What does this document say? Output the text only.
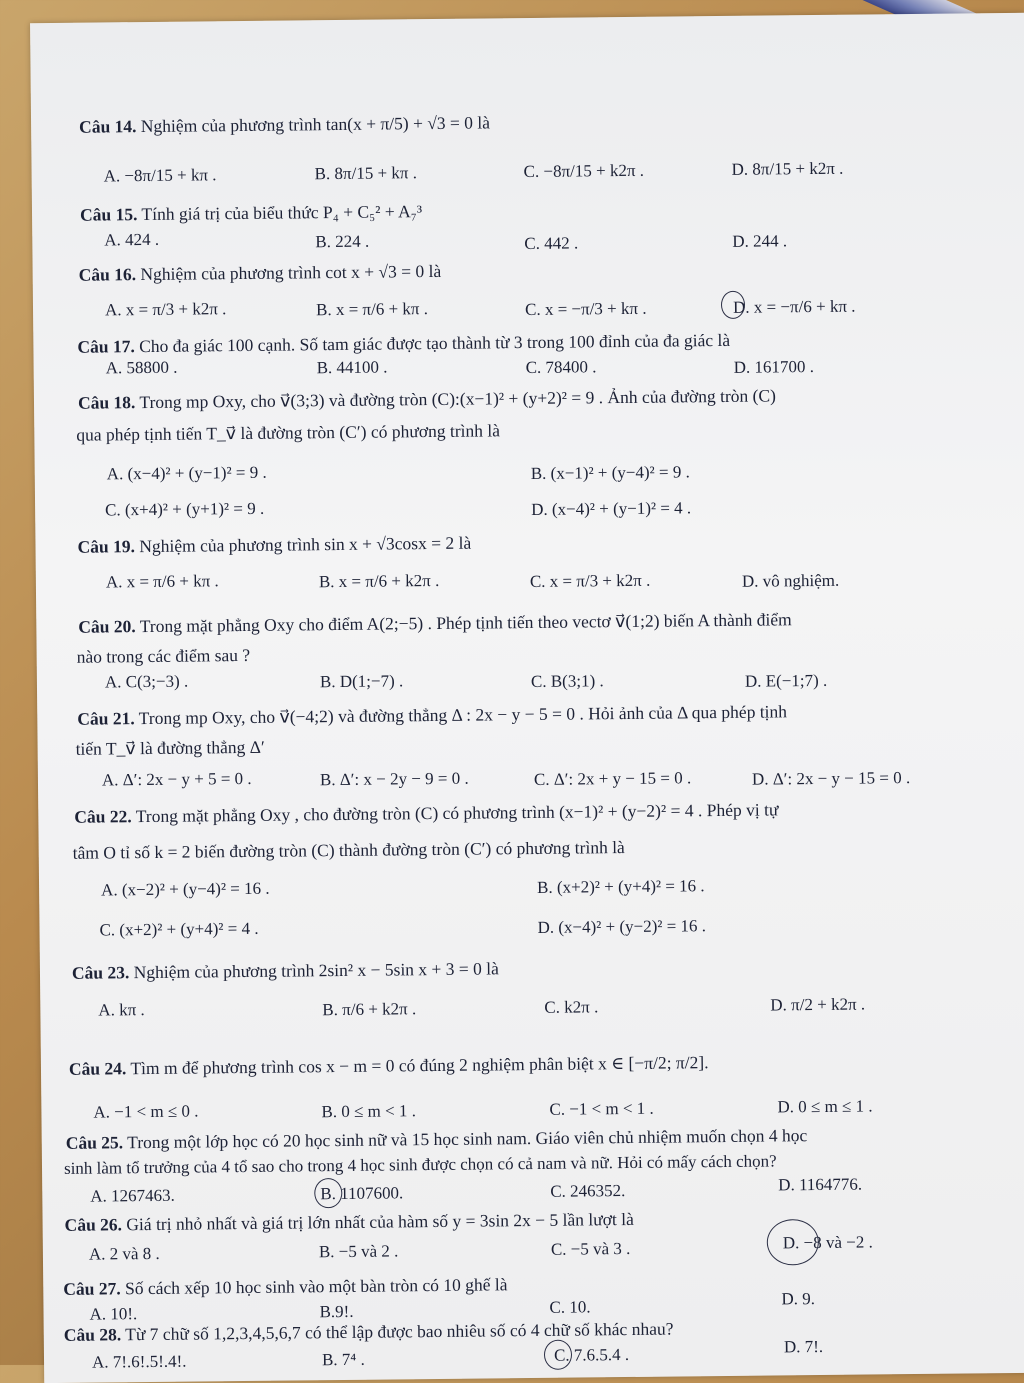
Câu 14. Nghiệm của phương trình tan(x + π/5) + √3 = 0 là
A. −8π/15 + kπ .	B. 8π/15 + kπ .	C. −8π/15 + k2π .	D. 8π/15 + k2π .
Câu 15. Tính giá trị của biểu thức P₄ + C₅² + A₇³
A. 424 .	B. 224 .	C. 442 .	D. 244 .
Câu 16. Nghiệm của phương trình cot x + √3 = 0 là
A. x = π/3 + k2π .	B. x = π/6 + kπ .	C. x = −π/3 + kπ .	D. x = −π/6 + kπ .
Câu 17. Cho đa giác 100 cạnh. Số tam giác được tạo thành từ 3 trong 100 đỉnh của đa giác là
A. 58800 .	B. 44100 .	C. 78400 .	D. 161700 .
Câu 18. Trong mp Oxy, cho v⃗(3;3) và đường tròn (C):(x−1)² + (y+2)² = 9 . Ảnh của đường tròn (C)
qua phép tịnh tiến T_v⃗ là đường tròn (C′) có phương trình là
A. (x−4)² + (y−1)² = 9 .	B. (x−1)² + (y−4)² = 9 .
C. (x+4)² + (y+1)² = 9 .	D. (x−4)² + (y−1)² = 4 .
Câu 19. Nghiệm của phương trình sin x + √3cosx = 2 là
A. x = π/6 + kπ .	B. x = π/6 + k2π .	C. x = π/3 + k2π .	D. vô nghiệm.
Câu 20. Trong mặt phẳng Oxy cho điểm A(2;−5) . Phép tịnh tiến theo vectơ v⃗(1;2) biến A thành điểm
nào trong các điểm sau ?
A. C(3;−3) .	B. D(1;−7) .	C. B(3;1) .	D. E(−1;7) .
Câu 21. Trong mp Oxy, cho v⃗(−4;2) và đường thẳng Δ : 2x − y − 5 = 0 . Hỏi ảnh của Δ qua phép tịnh
tiến T_v⃗ là đường thẳng Δ′
A. Δ′: 2x − y + 5 = 0 .	B. Δ′: x − 2y − 9 = 0 .	C. Δ′: 2x + y − 15 = 0 .	D. Δ′: 2x − y − 15 = 0 .
Câu 22. Trong mặt phẳng Oxy , cho đường tròn (C) có phương trình (x−1)² + (y−2)² = 4 . Phép vị tự
tâm O tỉ số k = 2 biến đường tròn (C) thành đường tròn (C′) có phương trình là
A. (x−2)² + (y−4)² = 16 .	B. (x+2)² + (y+4)² = 16 .
C. (x+2)² + (y+4)² = 4 .	D. (x−4)² + (y−2)² = 16 .
Câu 23. Nghiệm của phương trình 2sin² x − 5sin x + 3 = 0 là
A. kπ .	B. π/6 + k2π .	C. k2π .	D. π/2 + k2π .
Câu 24. Tìm m để phương trình cos x − m = 0 có đúng 2 nghiệm phân biệt x ∈ [−π/2; π/2].
A. −1 < m ≤ 0 .	B. 0 ≤ m < 1 .	C. −1 < m < 1 .	D. 0 ≤ m ≤ 1 .
Câu 25. Trong một lớp học có 20 học sinh nữ và 15 học sinh nam. Giáo viên chủ nhiệm muốn chọn 4 học
sinh làm tổ trưởng của 4 tổ sao cho trong 4 học sinh được chọn có cả nam và nữ. Hỏi có mấy cách chọn?
A. 1267463.	B. 1107600.	C. 246352.	D. 1164776.
Câu 26. Giá trị nhỏ nhất và giá trị lớn nhất của hàm số y = 3sin 2x − 5 lần lượt là
A. 2 và 8 .	B. −5 và 2 .	C. −5 và 3 .	D. −8 và −2 .
Câu 27. Số cách xếp 10 học sinh vào một bàn tròn có 10 ghế là
A. 10!.	B.9!.	C. 10.	D. 9.
Câu 28. Từ 7 chữ số 1,2,3,4,5,6,7 có thể lập được bao nhiêu số có 4 chữ số khác nhau?
A. 7!.6!.5!.4!.	B. 7⁴ .	C. 7.6.5.4 .	D. 7!.
